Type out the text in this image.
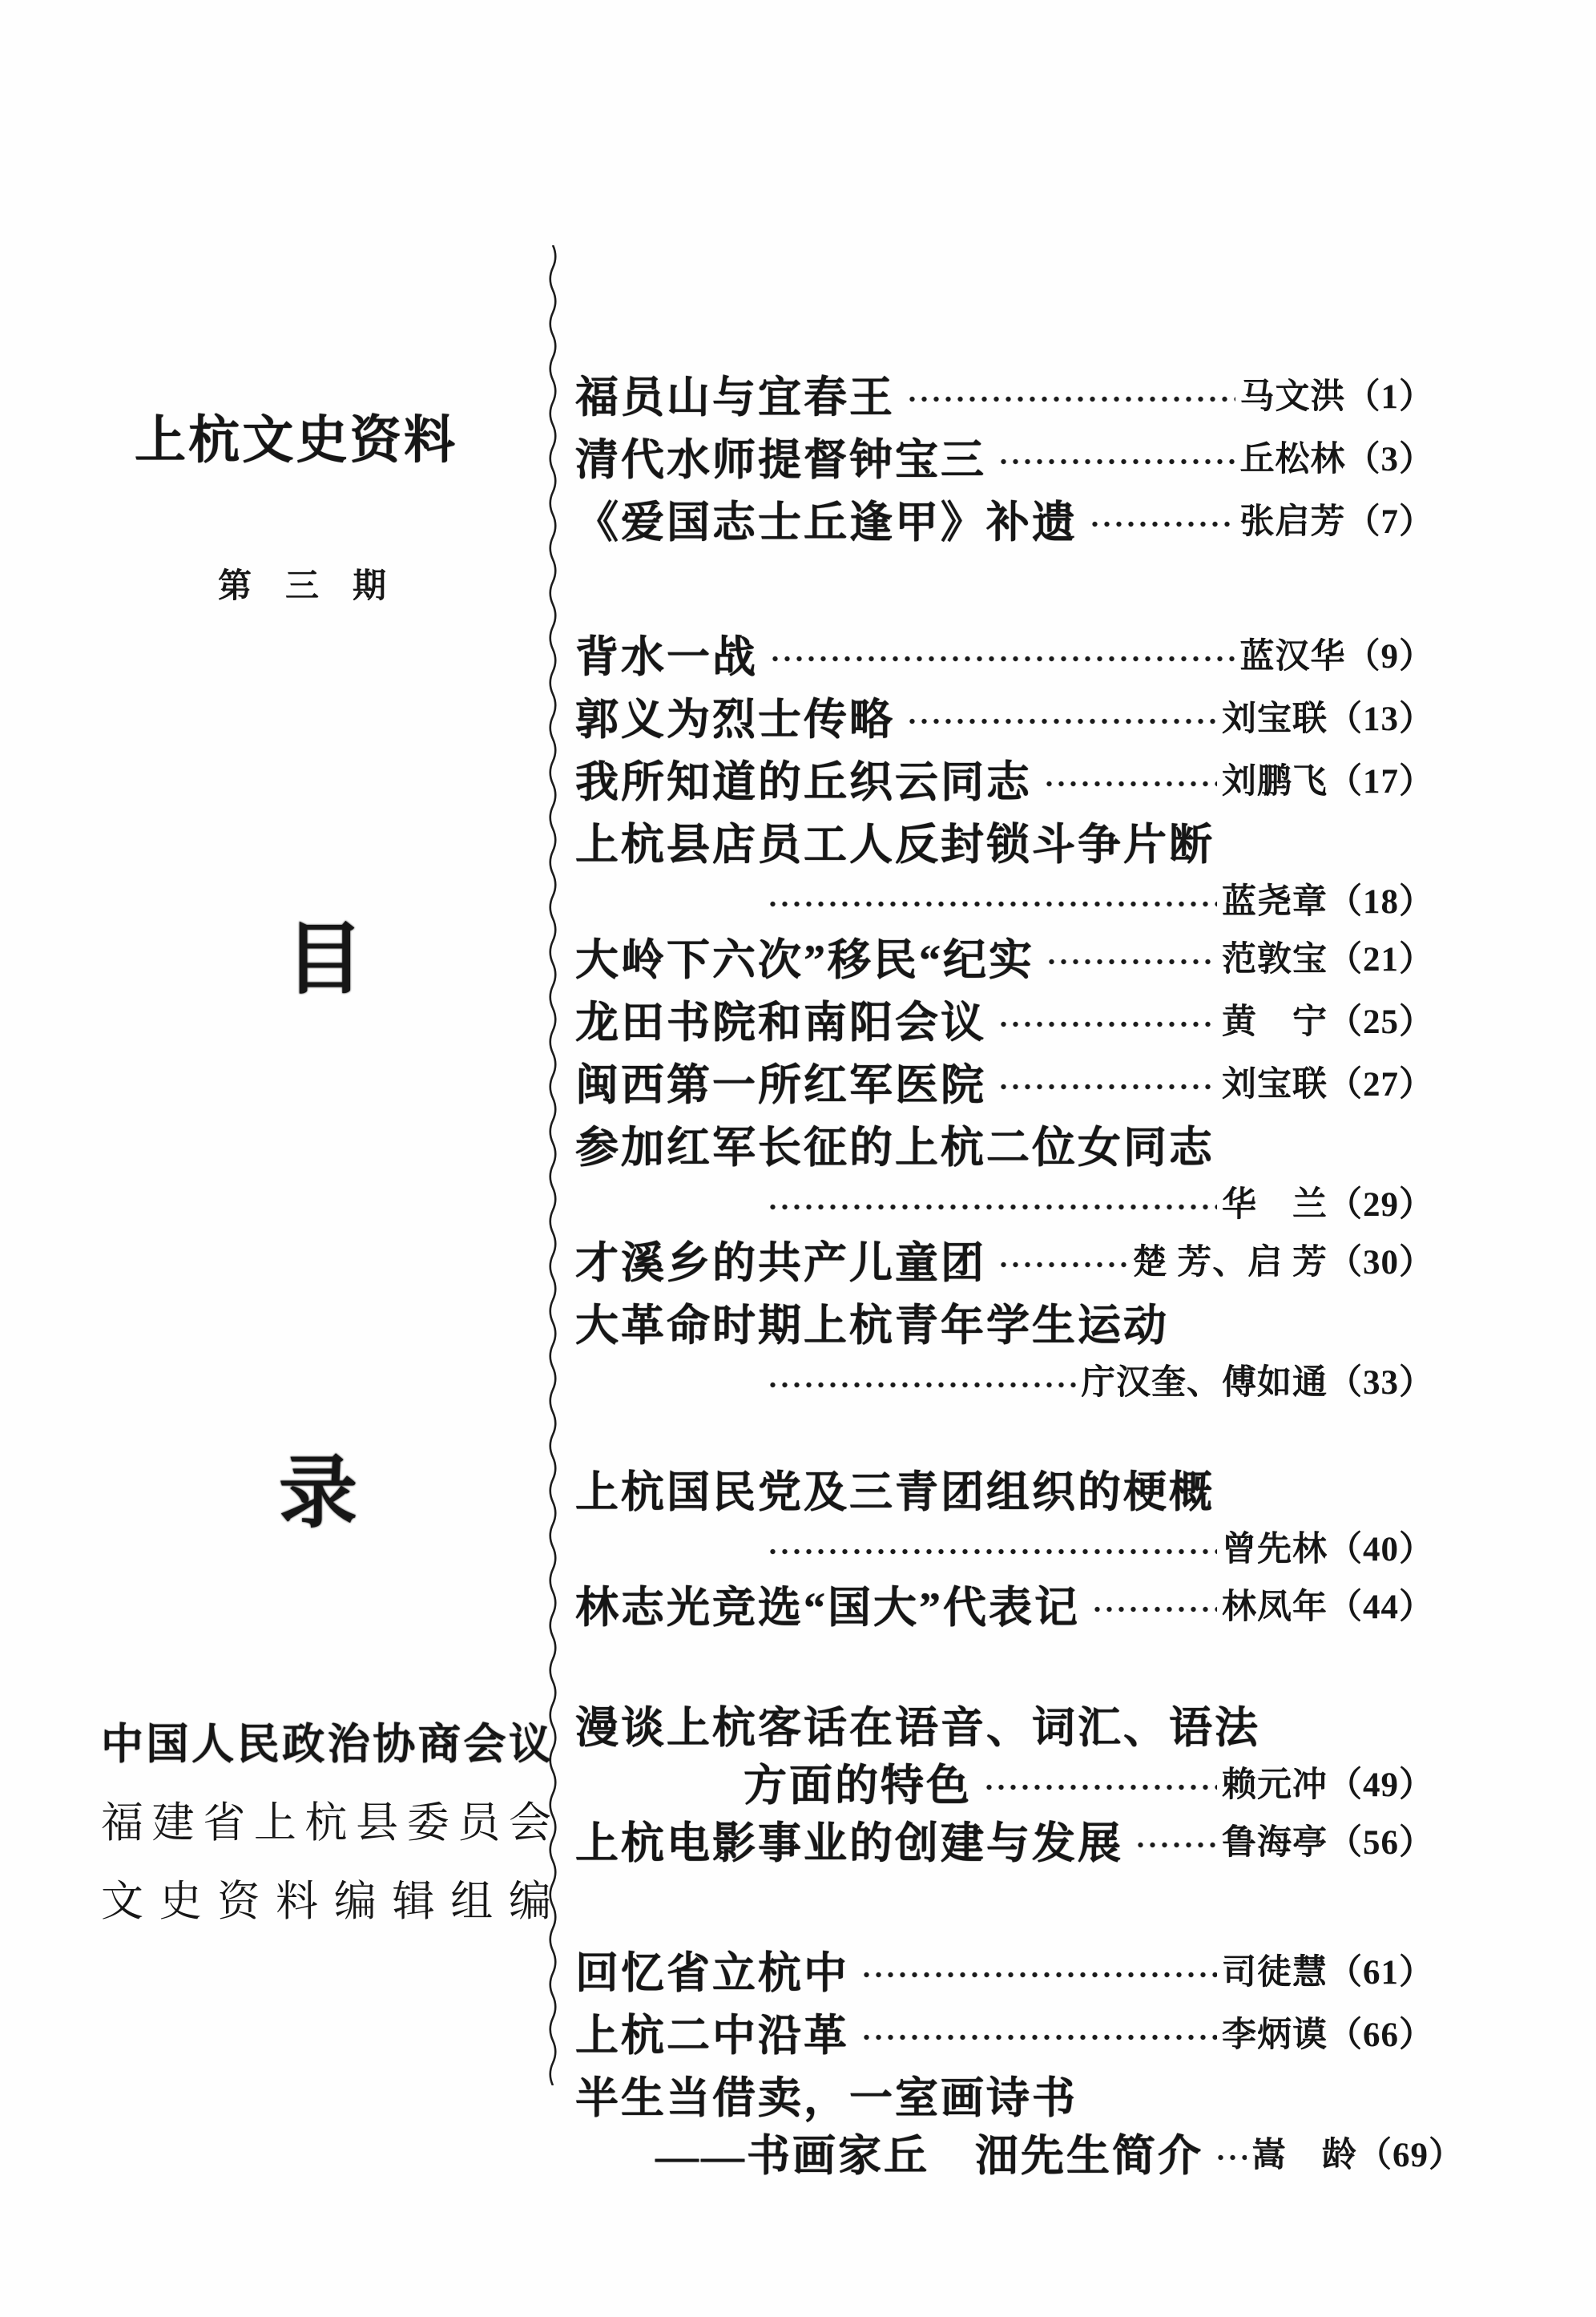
上杭文史资料
第　三　期
目
录
中国人民政治协商会议
福建省上杭县委员会
文史资料编辑组编
福员山与宜春王	马文洪（1）
清代水师提督钟宝三	丘松林（3）
《爱国志士丘逢甲》补遗	张启芳（7）
背水一战	蓝汉华（9）
郭义为烈士传略	刘宝联（13）
我所知道的丘织云同志	刘鹏飞（17）
上杭县店员工人反封锁斗争片断
蓝尧章（18）
大岭下六次”移民“纪实	范敦宝（21）
龙田书院和南阳会议	黄　宁（25）
闽西第一所红军医院	刘宝联（27）
参加红军长征的上杭二位女同志
华　兰（29）
才溪乡的共产儿童团	楚 芳、启 芳（30）
大革命时期上杭青年学生运动
庁汉奎、傅如通（33）
上杭国民党及三青团组织的梗概
曾先林（40）
林志光竞选“国大”代表记	林凤年（44）
漫谈上杭客话在语音、词汇、语法
方面的特色	赖元冲（49）
上杭电影事业的创建与发展	鲁海亭（56）
回忆省立杭中	司徒慧（61）
上杭二中沿革	李炳谟（66）
半生当借卖，一室画诗书
——书画家丘　沺先生简介 嵩　龄（69）
